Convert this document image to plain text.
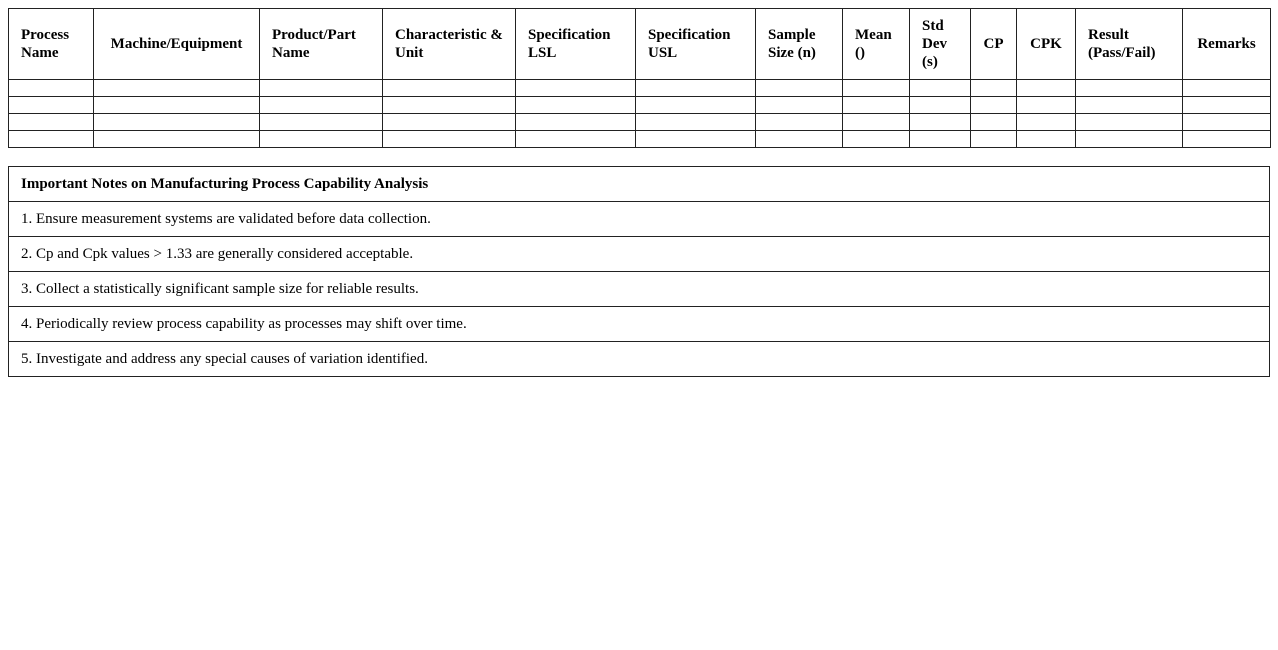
Process Name	Machine/Equipment	Product/Part Name	Characteristic & Unit	Specification LSL	Specification USL	Sample Size (n)	Mean ()	Std Dev (s)	CP	CPK	Result (Pass/Fail)	Remarks

Important Notes on Manufacturing Process Capability Analysis
1. Ensure measurement systems are validated before data collection.
2. Cp and Cpk values > 1.33 are generally considered acceptable.
3. Collect a statistically significant sample size for reliable results.
4. Periodically review process capability as processes may shift over time.
5. Investigate and address any special causes of variation identified.
